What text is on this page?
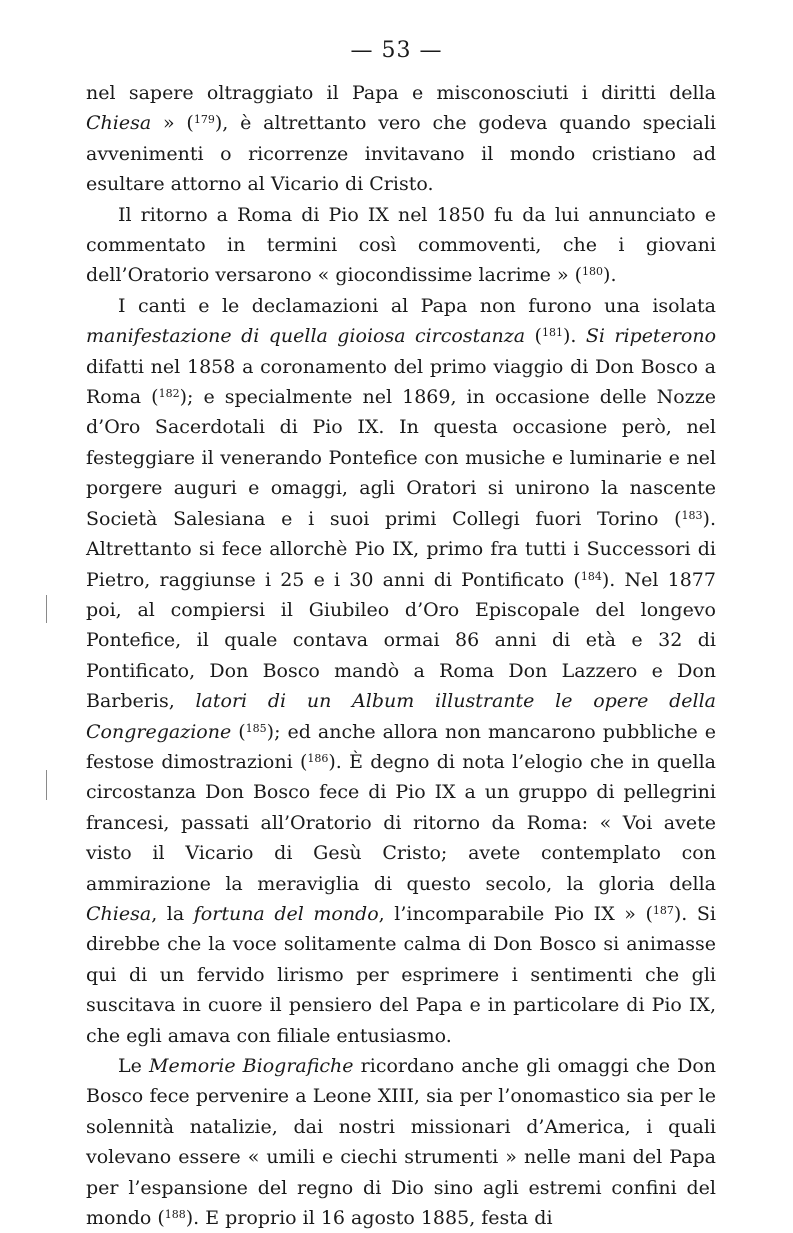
— 53 —

nel sapere oltraggiato il Papa e misconosciuti i diritti della Chiesa » ($^{179}$), è altrettanto vero che godeva quando speciali avvenimenti o ricorrenze invitavano il mondo cristiano ad esultare attorno al Vicario di Cristo.

Il ritorno a Roma di Pio IX nel 1850 fu da lui annunciato e commentato in termini così commoventi, che i giovani dell’Oratorio versarono « giocondissime lacrime » ($^{180}$).

I canti e le declamazioni al Papa non furono una isolata manifestazione di quella gioiosa circostanza ($^{181}$). Si ripeterono difatti nel 1858 a coronamento del primo viaggio di Don Bosco a Roma ($^{182}$); e specialmente nel 1869, in occasione delle Nozze d’Oro Sacerdotali di Pio IX. In questa occasione però, nel festeggiare il venerando Pontefice con musiche e luminarie e nel porgere auguri e omaggi, agli Oratori si unirono la nascente Società Salesiana e i suoi primi Collegi fuori Torino ($^{183}$). Altrettanto si fece allorchè Pio IX, primo fra tutti i Successori di Pietro, raggiunse i 25 e i 30 anni di Pontificato ($^{184}$). Nel 1877 poi, al compiersi il Giubileo d’Oro Episcopale del longevo Pontefice, il quale contava ormai 86 anni di età e 32 di Pontificato, Don Bosco mandò a Roma Don Lazzero e Don Barberis, latori di un Album illustrante le opere della Congregazione ($^{185}$); ed anche allora non mancarono pubbliche e festose dimostrazioni ($^{186}$). È degno di nota l’elogio che in quella circostanza Don Bosco fece di Pio IX a un gruppo di pellegrini francesi, passati all’Oratorio di ritorno da Roma: « Voi avete visto il Vicario di Gesù Cristo; avete contemplato con ammirazione la meraviglia di questo secolo, la gloria della Chiesa, la fortuna del mondo, l’incomparabile Pio IX » ($^{187}$). Si direbbe che la voce solitamente calma di Don Bosco si animasse qui di un fervido lirismo per esprimere i sentimenti che gli suscitava in cuore il pensiero del Papa e in particolare di Pio IX, che egli amava con filiale entusiasmo.

Le Memorie Biografiche ricordano anche gli omaggi che Don Bosco fece pervenire a Leone XIII, sia per l’onomastico sia per le solennità natalizie, dai nostri missionari d’America, i quali volevano essere « umili e ciechi strumenti » nelle mani del Papa per l’espansione del regno di Dio sino agli estremi confini del mondo ($^{188}$). E proprio il 16 agosto 1885, festa di
